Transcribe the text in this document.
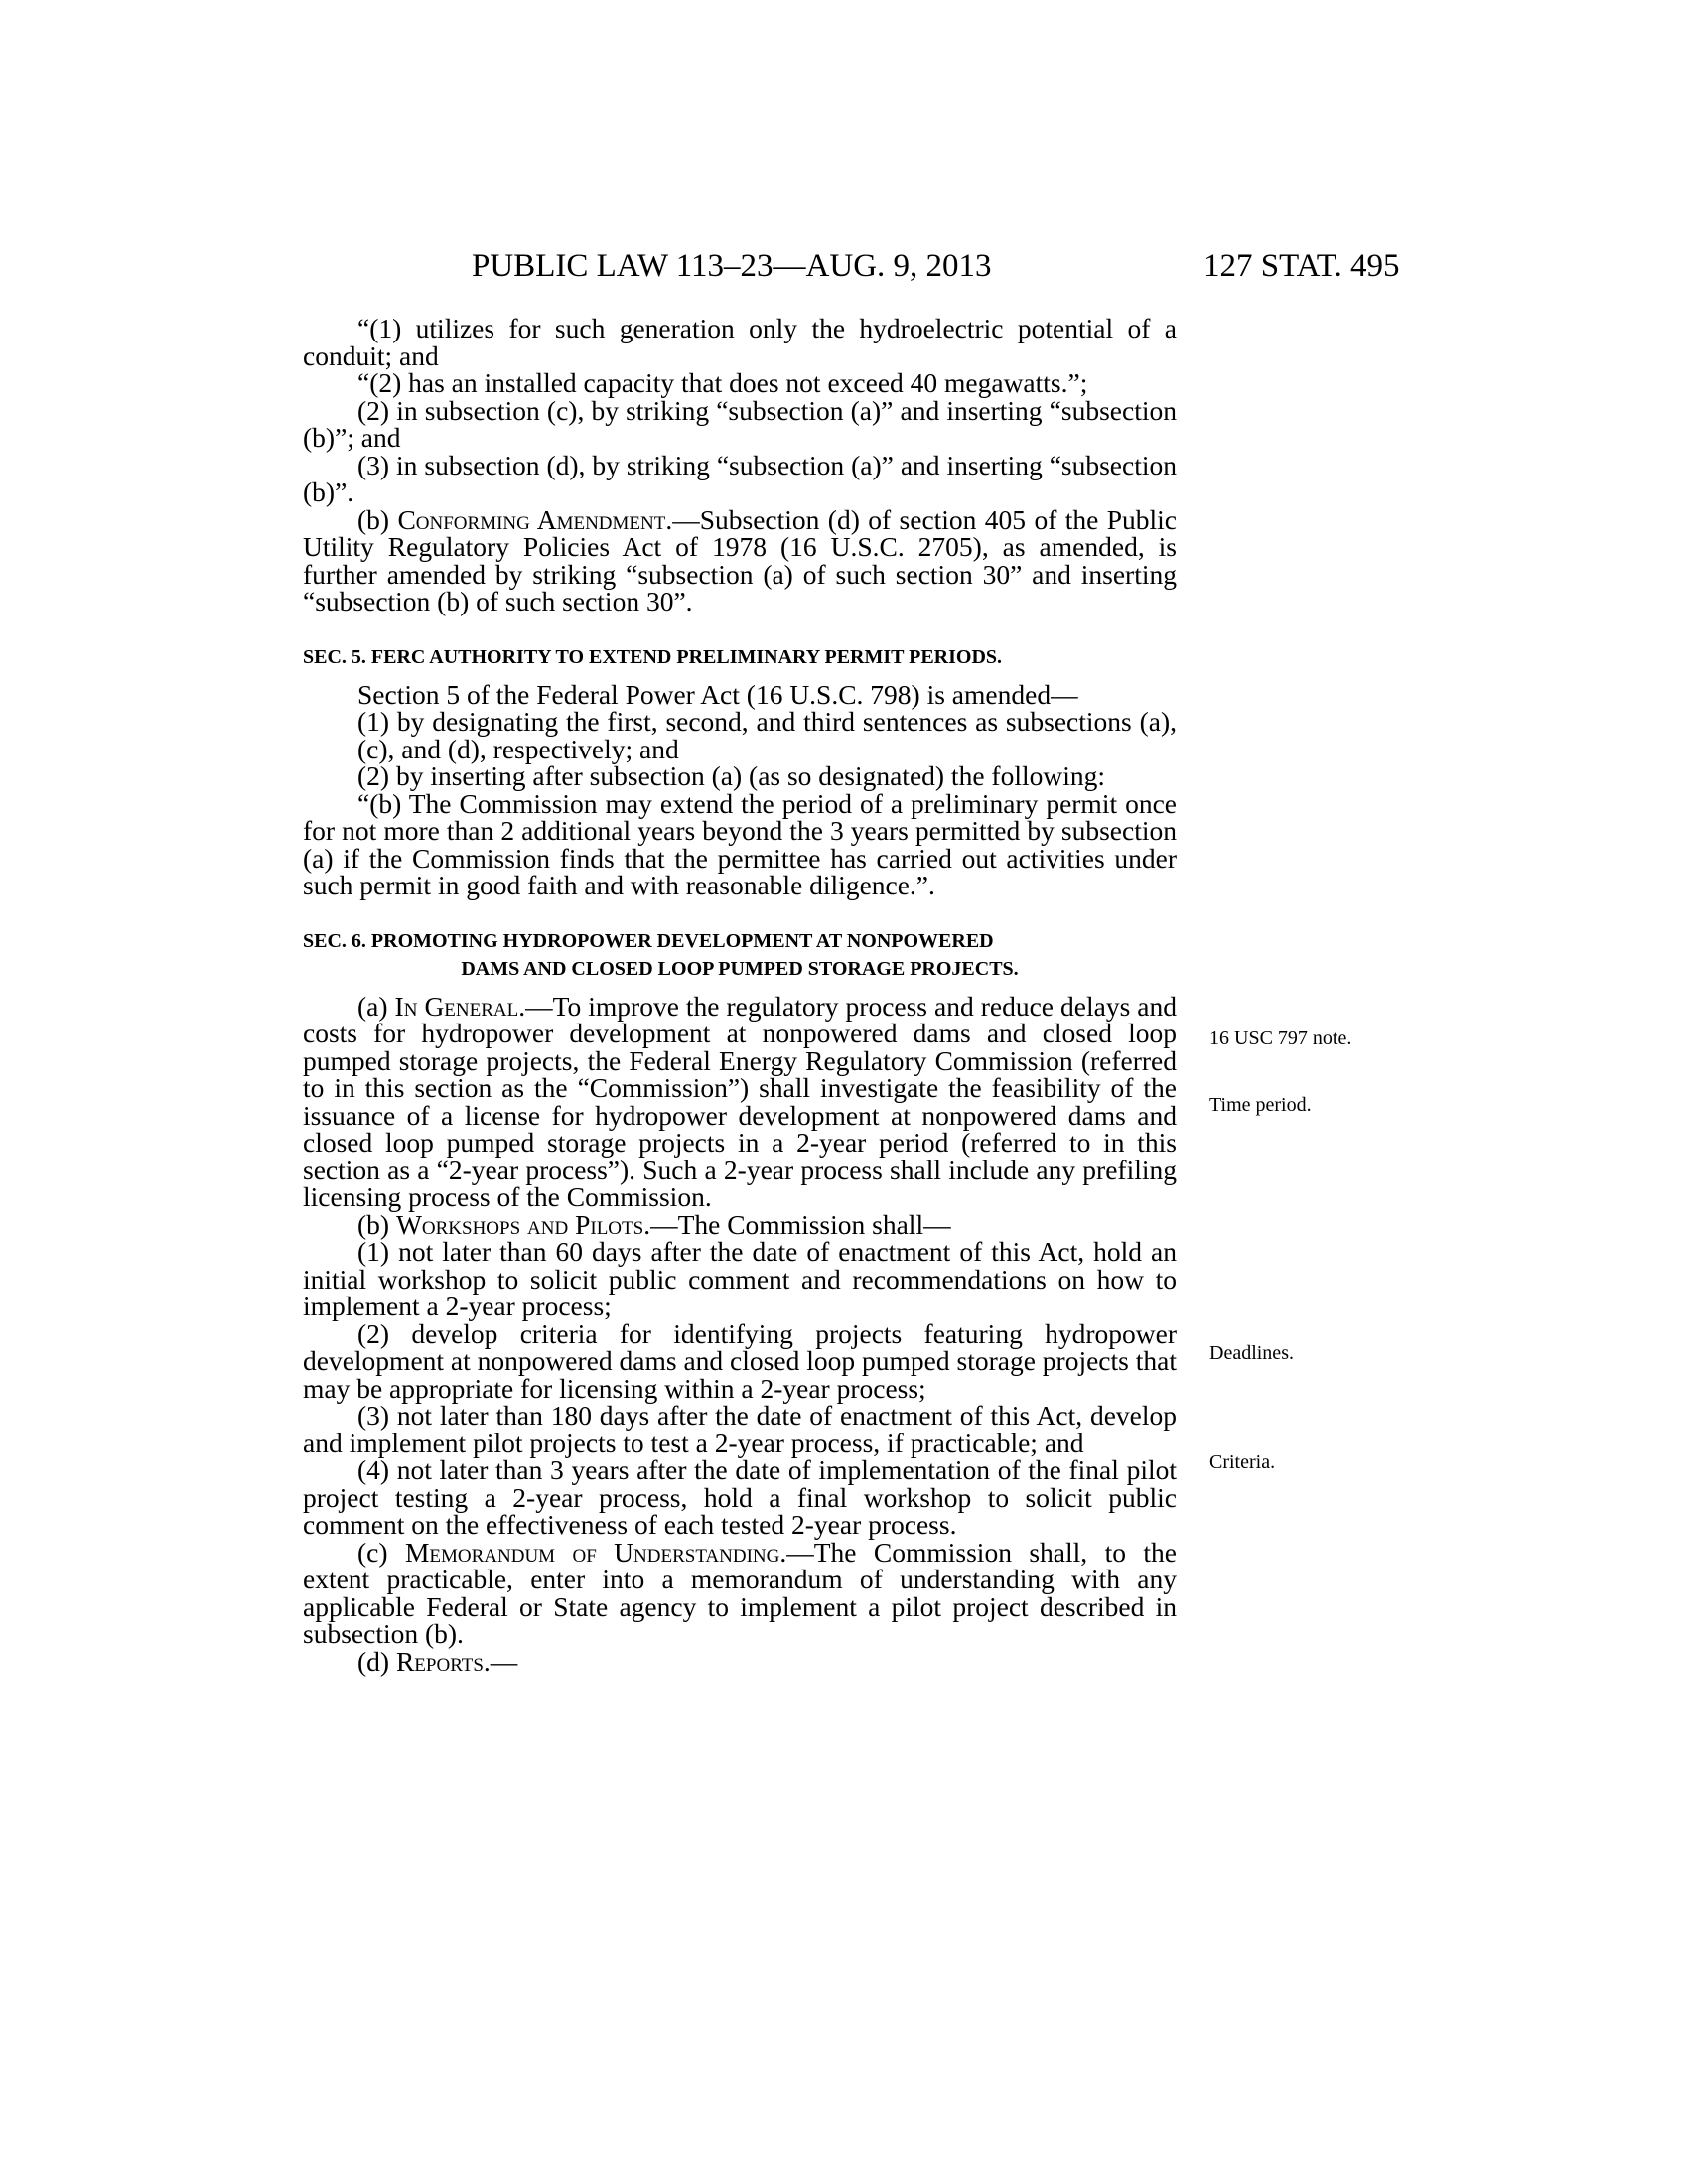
PUBLIC LAW 113–23—AUG. 9, 2013	127 STAT. 495

“(1) utilizes for such generation only the hydroelectric potential of a conduit; and

“(2) has an installed capacity that does not exceed 40 megawatts.”;

(2) in subsection (c), by striking “subsection (a)” and inserting “subsection (b)”; and

(3) in subsection (d), by striking “subsection (a)” and inserting “subsection (b)”.

(b) Conforming Amendment.—Subsection (d) of section 405 of the Public Utility Regulatory Policies Act of 1978 (16 U.S.C. 2705), as amended, is further amended by striking “subsection (a) of such section 30” and inserting “subsection (b) of such section 30”.

SEC. 5. FERC AUTHORITY TO EXTEND PRELIMINARY PERMIT PERIODS.

Section 5 of the Federal Power Act (16 U.S.C. 798) is amended—

(1) by designating the first, second, and third sentences as subsections (a), (c), and (d), respectively; and

(2) by inserting after subsection (a) (as so designated) the following:

“(b) The Commission may extend the period of a preliminary permit once for not more than 2 additional years beyond the 3 years permitted by subsection (a) if the Commission finds that the permittee has carried out activities under such permit in good faith and with reasonable diligence.”.

SEC. 6. PROMOTING HYDROPOWER DEVELOPMENT AT NONPOWERED
DAMS AND CLOSED LOOP PUMPED STORAGE PROJECTS.

(a) In General.—To improve the regulatory process and reduce delays and costs for hydropower development at nonpowered dams and closed loop pumped storage projects, the Federal Energy Regulatory Commission (referred to in this section as the “Commission”) shall investigate the feasibility of the issuance of a license for hydropower development at nonpowered dams and closed loop pumped storage projects in a 2-year period (referred to in this section as a “2-year process”). Such a 2-year process shall include any prefiling licensing process of the Commission.

(b) Workshops and Pilots.—The Commission shall—

(1) not later than 60 days after the date of enactment of this Act, hold an initial workshop to solicit public comment and recommendations on how to implement a 2-year process;

(2) develop criteria for identifying projects featuring hydropower development at nonpowered dams and closed loop pumped storage projects that may be appropriate for licensing within a 2-year process;

(3) not later than 180 days after the date of enactment of this Act, develop and implement pilot projects to test a 2-year process, if practicable; and

(4) not later than 3 years after the date of implementation of the final pilot project testing a 2-year process, hold a final workshop to solicit public comment on the effectiveness of each tested 2-year process.

(c) Memorandum of Understanding.—The Commission shall, to the extent practicable, enter into a memorandum of understanding with any applicable Federal or State agency to implement a pilot project described in subsection (b).

(d) Reports.—

16 USC 797 note.
Time period.
Deadlines.
Criteria.
